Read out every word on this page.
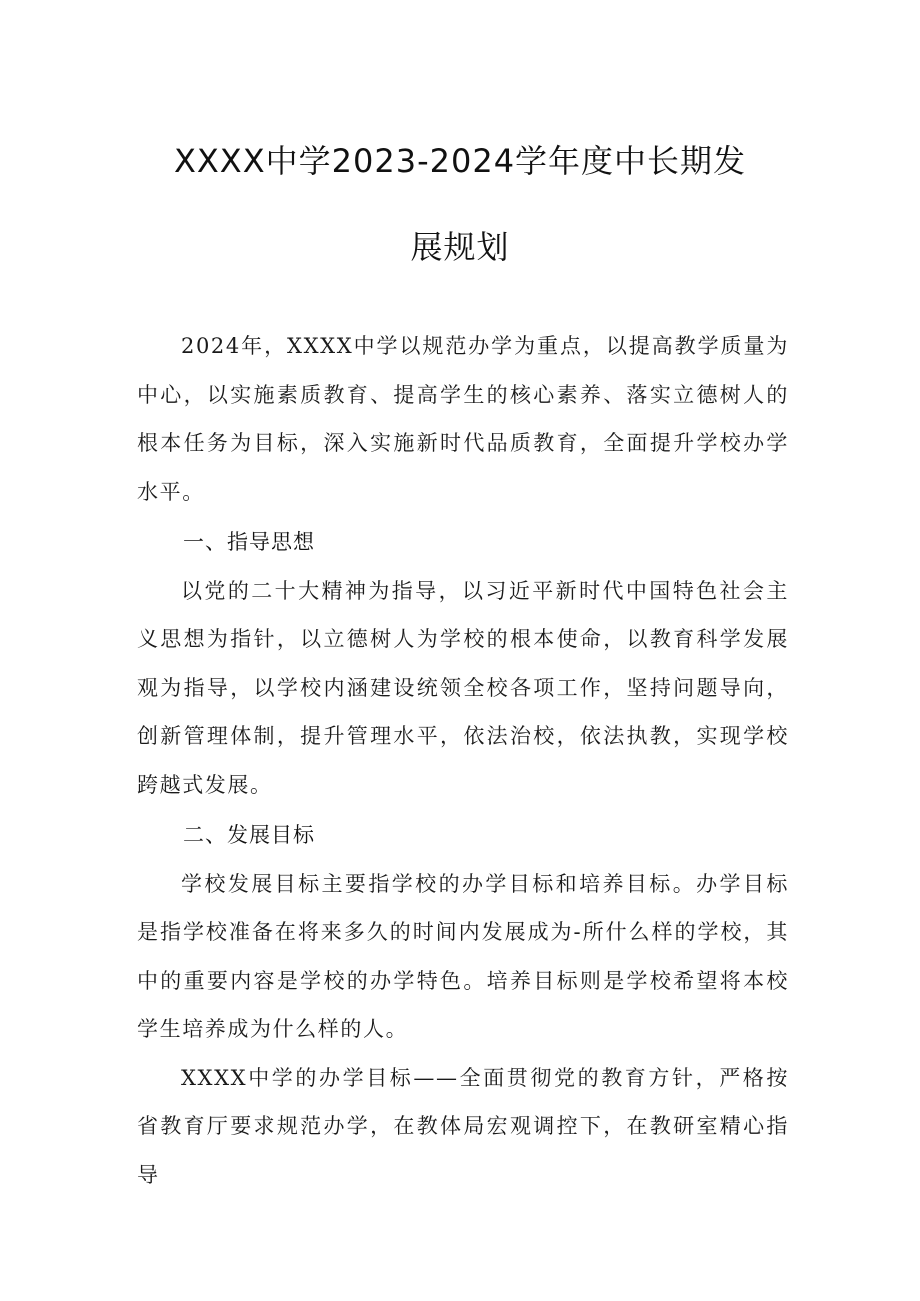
XXXX中学2023-2024学年度中长期发
展规划

2024年，XXXX中学以规范办学为重点，以提高教学质量为中心，以实施素质教育、提高学生的核心素养、落实立德树人的根本任务为目标，深入实施新时代品质教育，全面提升学校办学水平。

一、指导思想

以党的二十大精神为指导，以习近平新时代中国特色社会主义思想为指针，以立德树人为学校的根本使命，以教育科学发展观为指导，以学校内涵建设统领全校各项工作，坚持问题导向，创新管理体制，提升管理水平，依法治校，依法执教，实现学校跨越式发展。

二、发展目标

学校发展目标主要指学校的办学目标和培养目标。办学目标是指学校准备在将来多久的时间内发展成为-所什么样的学校，其中的重要内容是学校的办学特色。培养目标则是学校希望将本校学生培养成为什么样的人。

XXXX中学的办学目标——全面贯彻党的教育方针，严格按省教育厅要求规范办学，在教体局宏观调控下，在教研室精心指导
